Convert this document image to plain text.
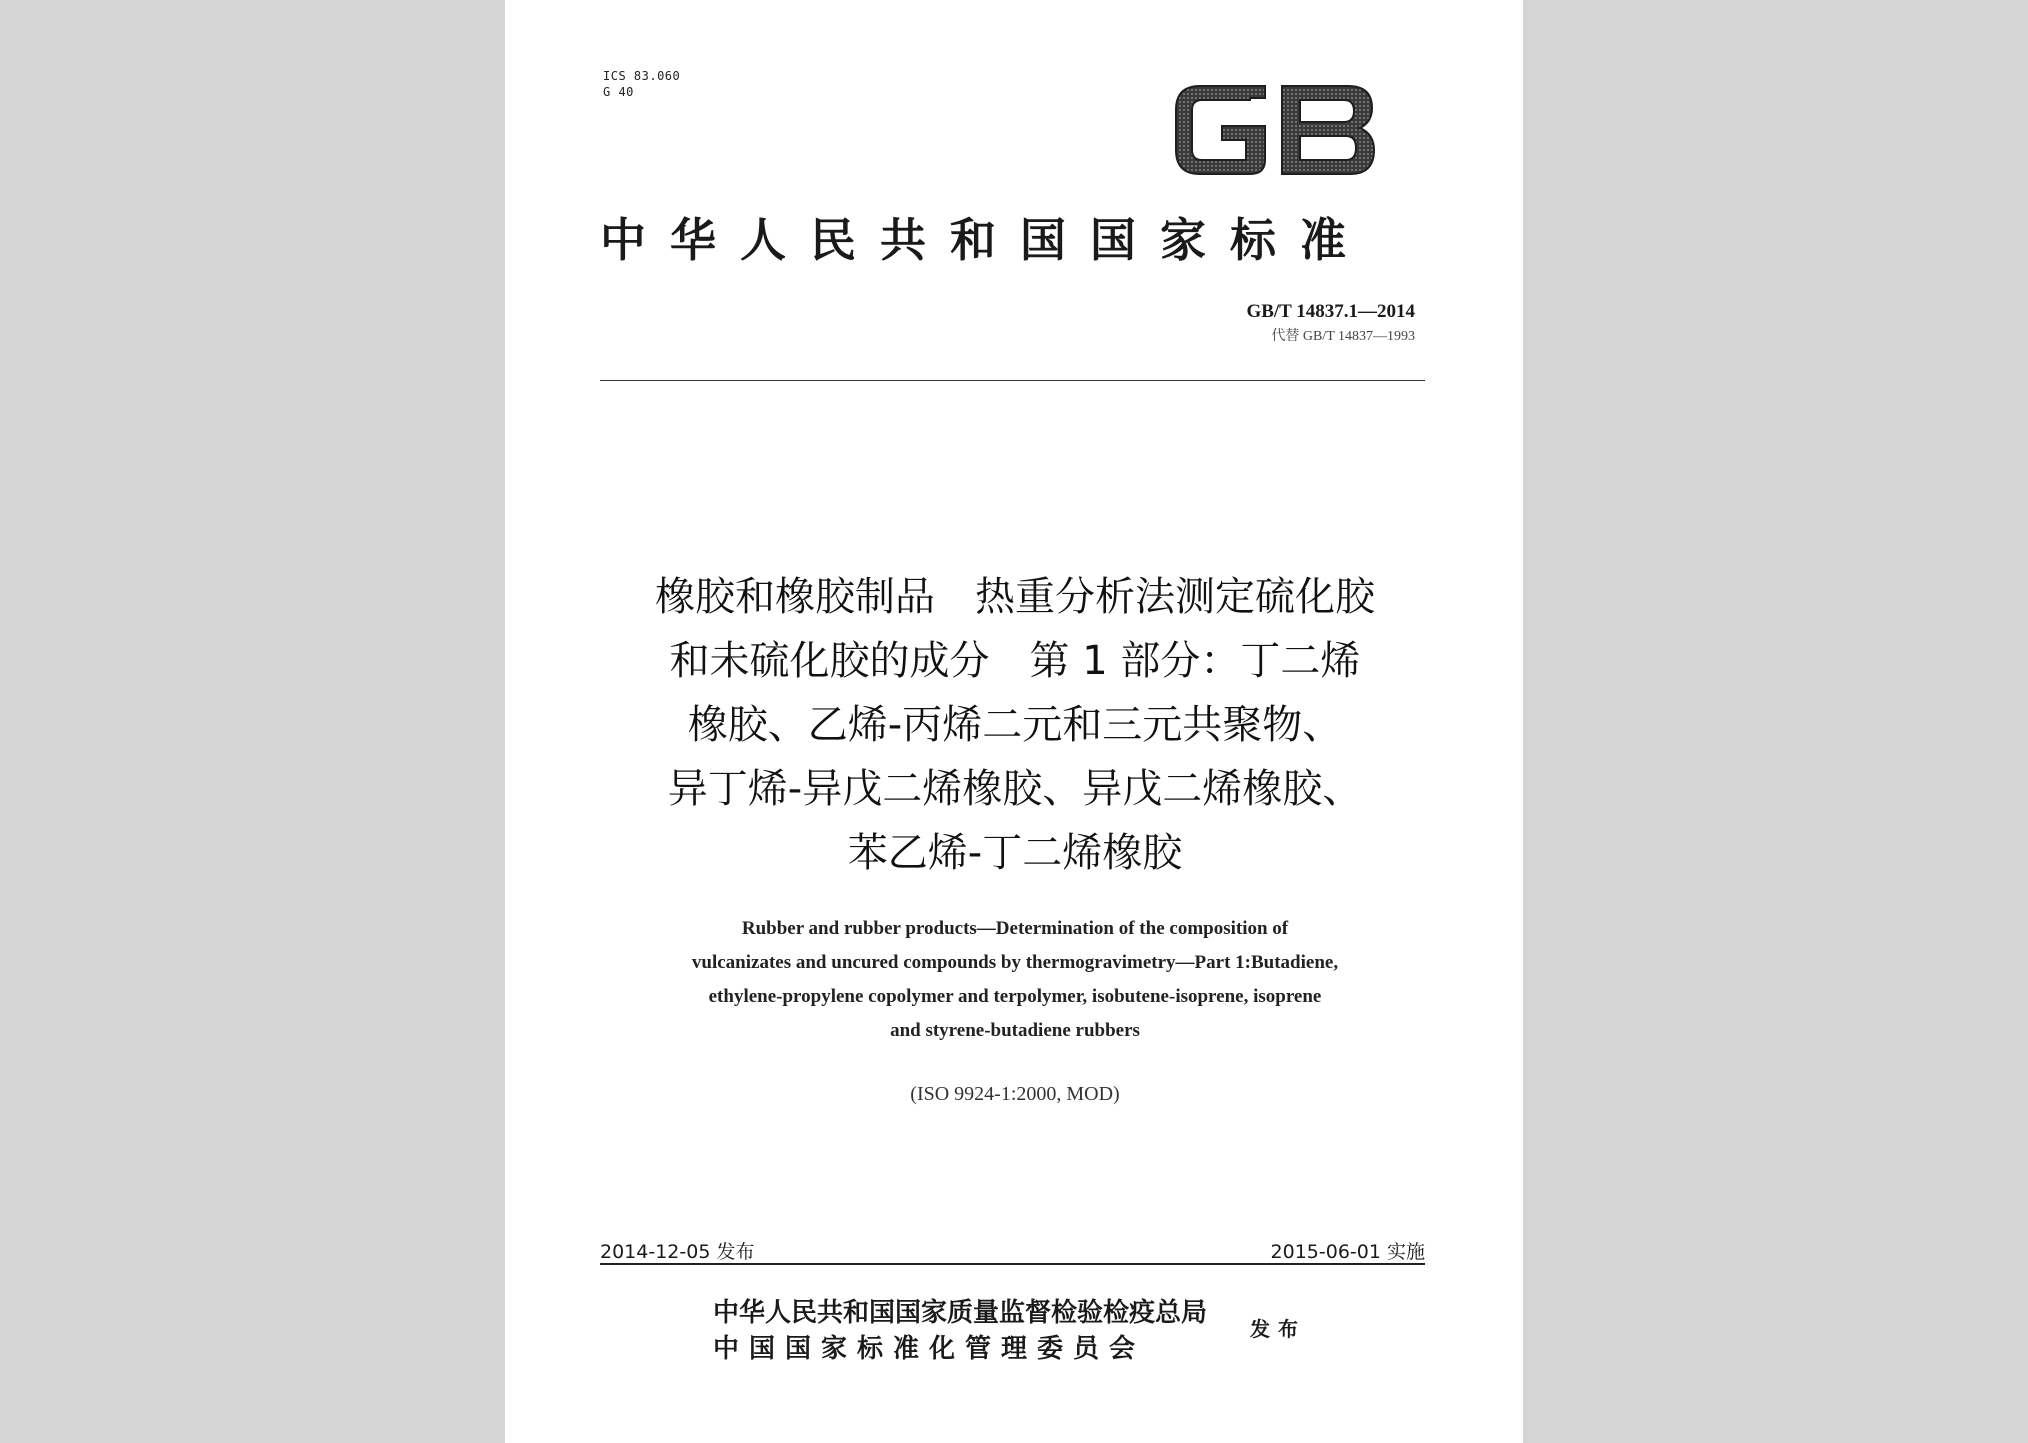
ICS 83.060
G 40
中华人民共和国国家标准
GB/T 14837.1—2014
代替 GB/T 14837—1993
橡胶和橡胶制品　热重分析法测定硫化胶
和未硫化胶的成分　第 1 部分：丁二烯
橡胶、乙烯-丙烯二元和三元共聚物、
异丁烯-异戊二烯橡胶、异戊二烯橡胶、
苯乙烯-丁二烯橡胶
Rubber and rubber products—Determination of the composition of
vulcanizates and uncured compounds by thermogravimetry—Part 1:Butadiene,
ethylene-propylene copolymer and terpolymer, isobutene-isoprene, isoprene
and styrene-butadiene rubbers
(ISO 9924-1:2000, MOD)
2014-12-05 发布	2015-06-01 实施
中华人民共和国国家质量监督检验检疫总局
中国国家标准化管理委员会
发布
